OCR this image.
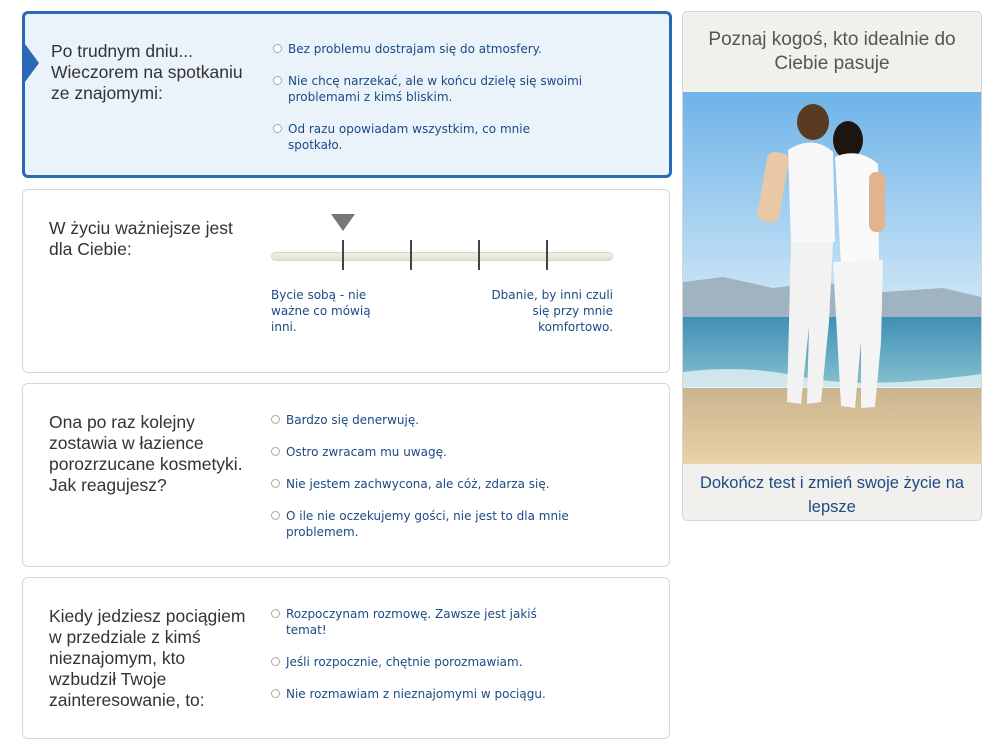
Po trudnym dniu...
Wieczorem na spotkaniu ze znajomymi:
Bez problemu dostrajam się do atmosfery.
Nie chcę narzekać, ale w końcu dzielę się swoimi problemami z kimś bliskim.
Od razu opowiadam wszystkim, co mnie spotkało.
W życiu ważniejsze jest dla Ciebie:
Bycie sobą - nie ważne co mówią inni.
Dbanie, by inni czuli się przy mnie komfortowo.
Ona po raz kolejny zostawia w łazience porozrzucane kosmetyki. Jak reagujesz?
Bardzo się denerwuję.
Ostro zwracam mu uwagę.
Nie jestem zachwycona, ale cóż, zdarza się.
O ile nie oczekujemy gości, nie jest to dla mnie problemem.
Kiedy jedziesz pociągiem w przedziale z kimś nieznajomym, kto wzbudził Twoje zainteresowanie, to:
Rozpoczynam rozmowę. Zawsze jest jakiś temat!
Jeśli rozpocznie, chętnie porozmawiam.
Nie rozmawiam z nieznajomymi w pociągu.
Poznaj kogoś, kto idealnie do Ciebie pasuje
Dokończ test i zmień swoje życie na lepsze
